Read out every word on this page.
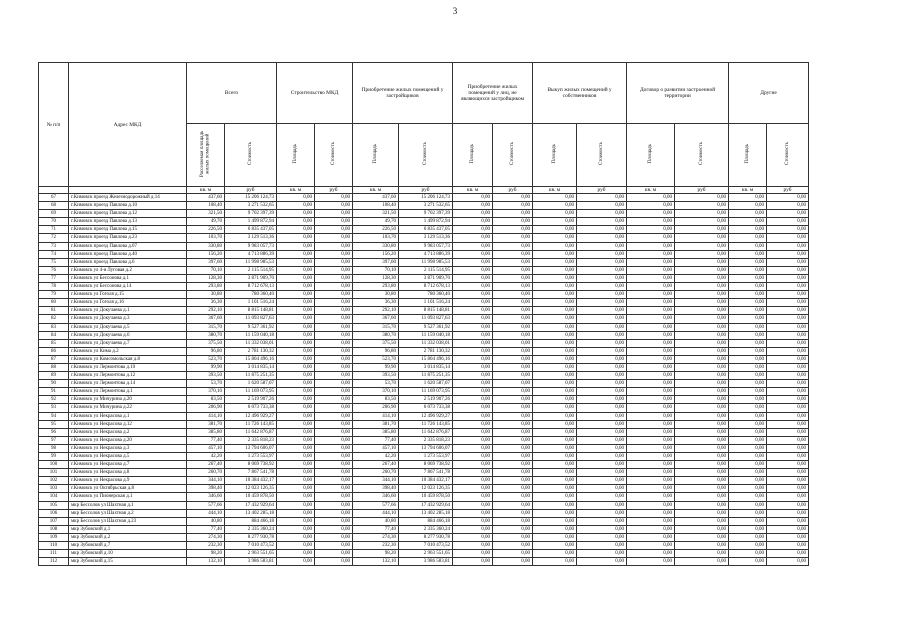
3
№ п/п	Адрес МКД	Всего		Строительство МКД		Приобретение жилых помещений у застройщиков		Приобретение жилых помещений у лиц, не являющихся застройщиком		Выкуп жилых помещений у собственников		Договор о развитии застроенной территории		Другие		
		Расселяемая площадь жилых помещений	Стоимость	Площадь	Стоимость	Площадь	Стоимость	Площадь	Стоимость	Площадь	Стоимость	Площадь	Стоимость	Площадь	Стоимость	
		кв. м	руб	кв. м	руб	кв. м	руб	кв. м	руб	кв. м	руб	кв. м	руб	кв. м	руб	
67	г.Кимовск проезд Железнодорожный д.14	437,60	15 206 124,73	0,00	0,00	437,60	15 206 124,73	0,00	0,00	0,00	0,00	0,00	0,00	0,00	0,00	
68	г.Кимовск проезд Павлова д.10	108,40	3 271 532,65	0,00	0,00	108,40	3 271 532,65	0,00	0,00	0,00	0,00	0,00	0,00	0,00	0,00	
69	г.Кимовск проезд Павлова д.12	321,50	9 702 397,39	0,00	0,00	321,50	9 702 397,39	0,00	0,00	0,00	0,00	0,00	0,00	0,00	0,00	
70	г.Кимовск проезд Павлова д.13	49,70	1 499 872,94	0,00	0,00	49,70	1 499 872,94	0,00	0,00	0,00	0,00	0,00	0,00	0,00	0,00	
71	г.Кимовск проезд Павлова д.15	226,50	6 835 437,05	0,00	0,00	226,50	6 835 437,05	0,00	0,00	0,00	0,00	0,00	0,00	0,00	0,00	
72	г.Кимовск проезд Павлова д.23	103,70	3 129 513,36	0,00	0,00	103,70	3 129 513,36	0,00	0,00	0,00	0,00	0,00	0,00	0,00	0,00	
73	г.Кимовск проезд Павлова д.07	330,80	9 983 057,73	0,00	0,00	330,80	9 983 057,73	0,00	0,00	0,00	0,00	0,00	0,00	0,00	0,00	
74	г.Кимовск проезд Павлова д.40	156,20	4 713 886,39	0,00	0,00	156,20	4 713 886,39	0,00	0,00	0,00	0,00	0,00	0,00	0,00	0,00	
75	г.Кимовск проезд Павлова д.6	397,60	11 998 985,53	0,00	0,00	397,60	11 998 985,53	0,00	0,00	0,00	0,00	0,00	0,00	0,00	0,00	
76	г.Кимовск ул 4-я Луговая д.2	70,10	2 115 514,95	0,00	0,00	70,10	2 115 514,95	0,00	0,00	0,00	0,00	0,00	0,00	0,00	0,00	
77	г.Кимовск ул Бессонова д.1	128,30	3 871 909,70	0,00	0,00	128,30	3 871 909,70	0,00	0,00	0,00	0,00	0,00	0,00	0,00	0,00	
78	г.Кимовск ул Бессонова д.14	293,80	8 712 678,13	0,00	0,00	293,80	8 712 678,13	0,00	0,00	0,00	0,00	0,00	0,00	0,00	0,00	
79	г.Кимовск ул Гоголя д.15	30,80	780 360,40	0,00	0,00	30,80	780 360,40	0,00	0,00	0,00	0,00	0,00	0,00	0,00	0,00	
80	г.Кимовск ул Гоголя д.16	36,30	1 101 516,24	0,00	0,00	36,30	1 101 516,24	0,00	0,00	0,00	0,00	0,00	0,00	0,00	0,00	
81	г.Кимовск ул Докучаева д.1	292,10	8 815 148,81	0,00	0,00	292,10	8 815 148,81	0,00	0,00	0,00	0,00	0,00	0,00	0,00	0,00	
82	г.Кимовск ул Докучаева д.3	367,60	11 093 827,63	0,00	0,00	367,60	11 093 827,63	0,00	0,00	0,00	0,00	0,00	0,00	0,00	0,00	
83	г.Кимовск ул Докучаева д.5	315,70	9 527 361,92	0,00	0,00	315,70	9 527 361,92	0,00	0,00	0,00	0,00	0,00	0,00	0,00	0,00	
84	г.Кимовск ул Докучаева д.6	380,70	11 159 040,18	0,00	0,00	380,70	11 159 040,18	0,00	0,00	0,00	0,00	0,00	0,00	0,00	0,00	
85	г.Кимовск ул Докучаева д.7	375,50	11 332 038,01	0,00	0,00	375,50	11 332 038,01	0,00	0,00	0,00	0,00	0,00	0,00	0,00	0,00	
86	г.Кимовск ул Кима д.2	96,80	2 781 130,32	0,00	0,00	96,80	2 781 130,32	0,00	0,00	0,00	0,00	0,00	0,00	0,00	0,00	
87	г.Кимовск ул Комсомольская д.8	523,70	15 804 496,16	0,00	0,00	523,70	15 804 496,16	0,00	0,00	0,00	0,00	0,00	0,00	0,00	0,00	
88	г.Кимовск ул Лермонтова д.10	99,90	3 014 835,14	0,00	0,00	99,90	3 014 835,14	0,00	0,00	0,00	0,00	0,00	0,00	0,00	0,00	
89	г.Кимовск ул Лермонтова д.12	393,50	11 875 251,35	0,00	0,00	393,50	11 875 251,35	0,00	0,00	0,00	0,00	0,00	0,00	0,00	0,00	
90	г.Кимовск ул Лермонтова д.14	53,70	1 620 587,07	0,00	0,00	53,70	1 620 587,07	0,00	0,00	0,00	0,00	0,00	0,00	0,00	0,00	
91	г.Кимовск ул Лермонтова д.1	370,10	11 169 073,95	0,00	0,00	370,10	11 169 073,95	0,00	0,00	0,00	0,00	0,00	0,00	0,00	0,00	
92	г.Кимовск ул Мичурина д.20	83,50	2 519 907,26	0,00	0,00	83,50	2 519 907,26	0,00	0,00	0,00	0,00	0,00	0,00	0,00	0,00	
93	г.Кимовск ул Мичурина д.22	206,90	6 073 733,38	0,00	0,00	206,90	6 073 733,38	0,00	0,00	0,00	0,00	0,00	0,00	0,00	0,00	
94	г.Кимовск ул Некрасова д.1	414,10	12 496 929,27	0,00	0,00	414,10	12 496 929,27	0,00	0,00	0,00	0,00	0,00	0,00	0,00	0,00	
95	г.Кимовск ул Некрасова д.12	381,70	11 726 143,85	0,00	0,00	381,70	11 726 143,85	0,00	0,00	0,00	0,00	0,00	0,00	0,00	0,00	
96	г.Кимовск ул Некрасова д.2	385,80	11 642 876,87	0,00	0,00	385,80	11 642 876,87	0,00	0,00	0,00	0,00	0,00	0,00	0,00	0,00	
97	г.Кимовск ул Некрасова д.20	77,40	2 335 818,23	0,00	0,00	77,40	2 335 818,23	0,00	0,00	0,00	0,00	0,00	0,00	0,00	0,00	
98	г.Кимовск ул Некрасова д.3	457,10	13 794 606,07	0,00	0,00	457,10	13 794 606,07	0,00	0,00	0,00	0,00	0,00	0,00	0,00	0,00	
99	г.Кимовск ул Некрасова д.5	42,20	1 273 553,97	0,00	0,00	42,20	1 273 553,97	0,00	0,00	0,00	0,00	0,00	0,00	0,00	0,00	
100	г.Кимовск ул Некрасова д.7	267,40	8 069 738,92	0,00	0,00	267,40	8 069 738,92	0,00	0,00	0,00	0,00	0,00	0,00	0,00	0,00	
101	г.Кимовск ул Некрасова д.8	260,70	7 867 541,78	0,00	0,00	260,70	7 867 541,78	0,00	0,00	0,00	0,00	0,00	0,00	0,00	0,00	
102	г.Кимовск ул Некрасова д.9	344,10	10 384 432,17	0,00	0,00	344,10	10 384 432,17	0,00	0,00	0,00	0,00	0,00	0,00	0,00	0,00	
103	г.Кимовск ул Октябрьская д.8	398,40	12 023 126,35	0,00	0,00	398,40	12 023 126,35	0,00	0,00	0,00	0,00	0,00	0,00	0,00	0,00	
104	г.Кимовск ул Пионерская д.1	346,60	10 459 878,50	0,00	0,00	346,60	10 459 878,50	0,00	0,00	0,00	0,00	0,00	0,00	0,00	0,00	
105	мкр Бессолов ул Шахтная д.1	577,66	17 432 929,64	0,00	0,00	577,66	17 432 929,64	0,00	0,00	0,00	0,00	0,00	0,00	0,00	0,00	
106	мкр Бессолов ул Шахтная д.2	444,10	13 402 285,18	0,00	0,00	444,10	13 402 285,18	0,00	0,00	0,00	0,00	0,00	0,00	0,00	0,00	
107	мкр Бессолов ул Шахтная д.23	40,80	884 466,18	0,00	0,00	40,80	884 466,18	0,00	0,00	0,00	0,00	0,00	0,00	0,00	0,00	
108	мкр Зубовский д.1	77,40	2 335 360,24	0,00	0,00	77,40	2 335 360,24	0,00	0,00	0,00	0,00	0,00	0,00	0,00	0,00	
109	мкр Зубовский д.2	274,30	8 277 930,78	0,00	0,00	274,30	8 277 930,78	0,00	0,00	0,00	0,00	0,00	0,00	0,00	0,00	
110	мкр Зубовский д.7	232,30	7 010 473,52	0,00	0,00	232,30	7 010 473,52	0,00	0,00	0,00	0,00	0,00	0,00	0,00	0,00	
111	мкр Зубовский д.10	98,20	2 963 551,65	0,00	0,00	98,20	2 963 551,65	0,00	0,00	0,00	0,00	0,00	0,00	0,00	0,00	
112	мкр Зубовский д.15	132,10	3 986 583,81	0,00	0,00	132,10	3 986 583,81	0,00	0,00	0,00	0,00	0,00	0,00	0,00	0,00	
